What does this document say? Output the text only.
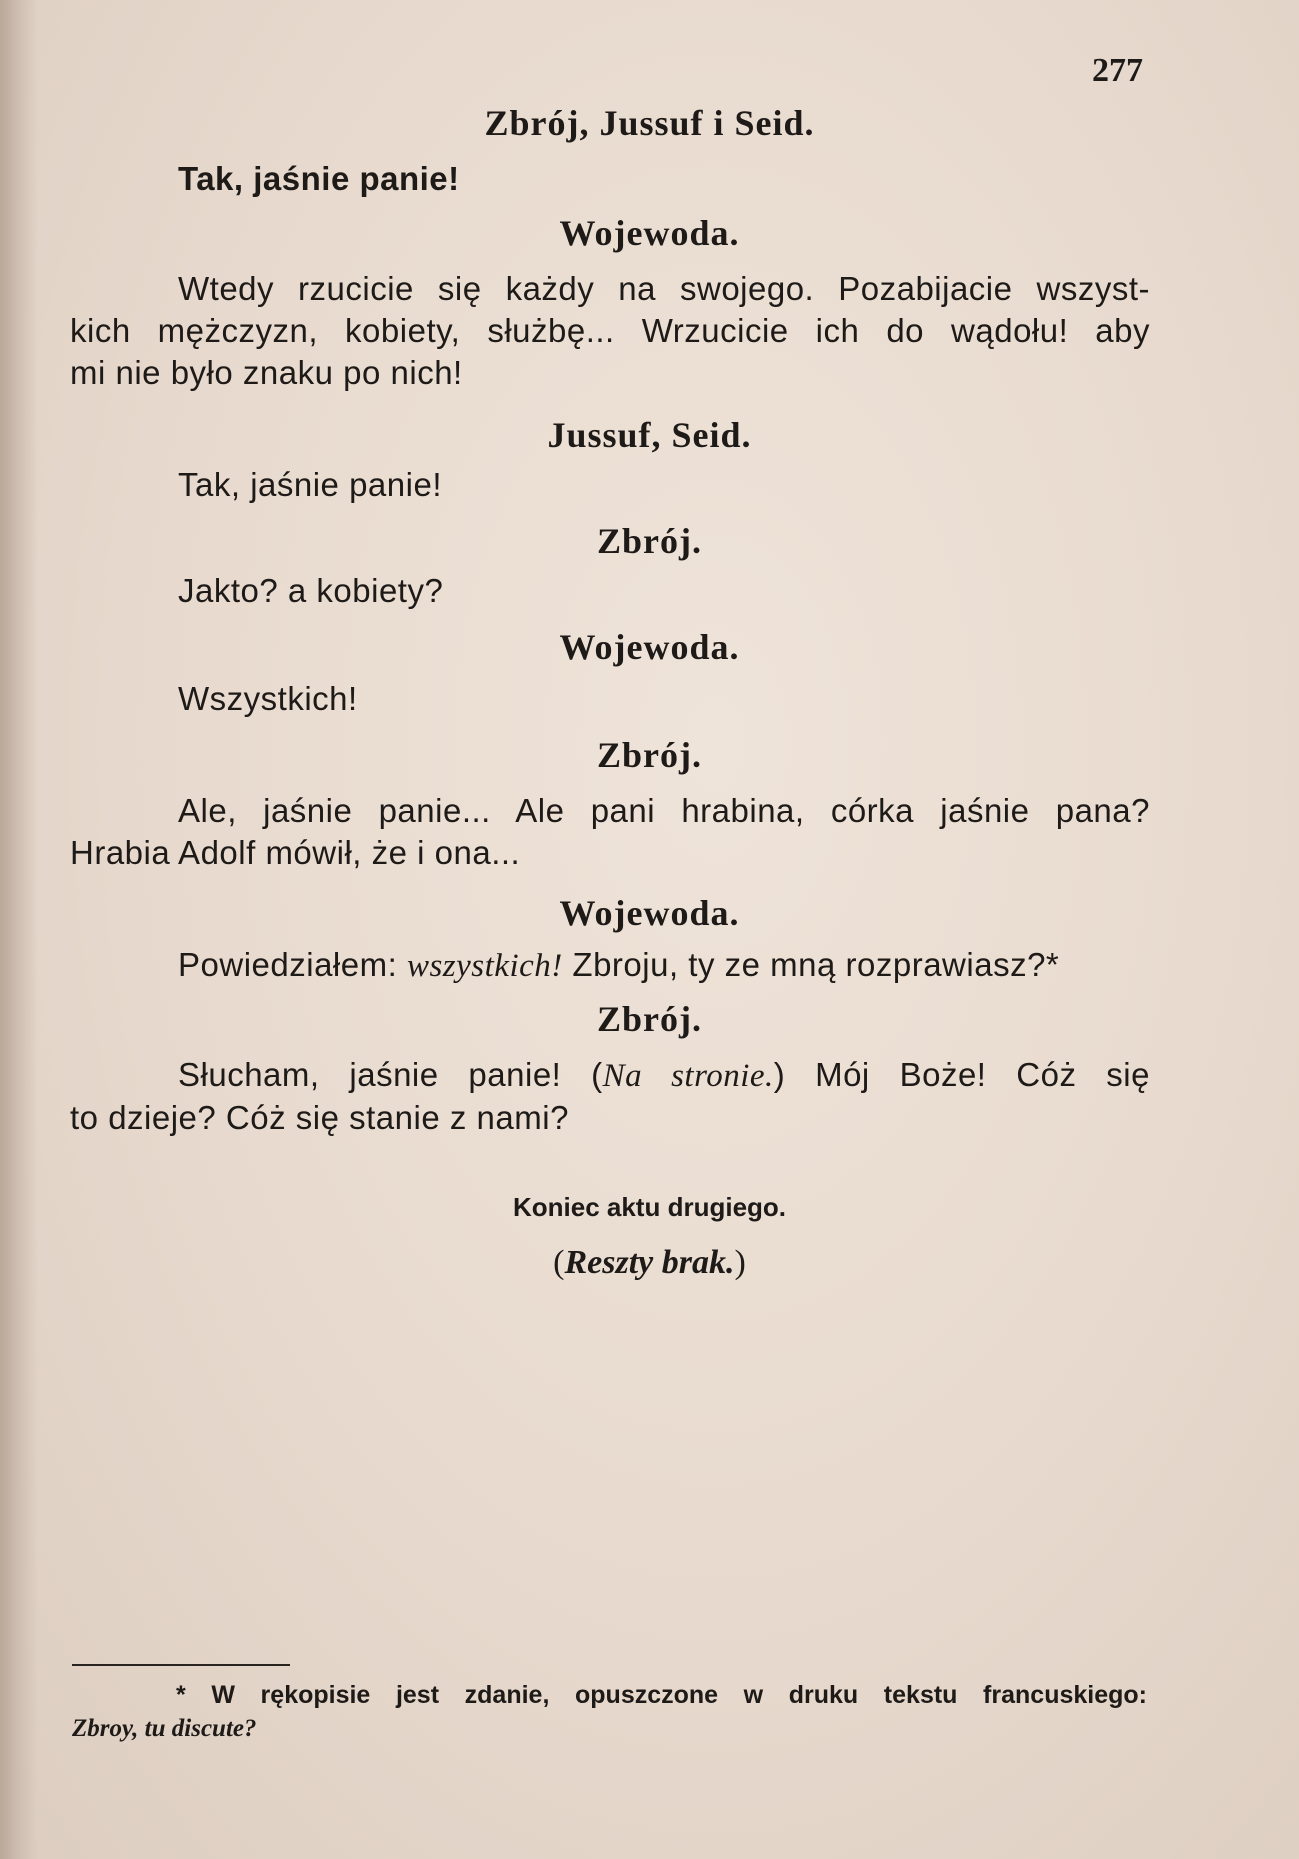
277
Zbrój, Jussuf i Seid.
Tak, jaśnie panie!
Wojewoda.
Wtedy rzucicie się każdy na swojego. Pozabijacie wszyst-
kich mężczyzn, kobiety, służbę... Wrzucicie ich do wądołu! aby
mi nie było znaku po nich!
Jussuf, Seid.
Tak, jaśnie panie!
Zbrój.
Jakto? a kobiety?
Wojewoda.
Wszystkich!
Zbrój.
Ale, jaśnie panie... Ale pani hrabina, córka jaśnie pana?
Hrabia Adolf mówił, że i ona...
Wojewoda.
Powiedziałem: wszystkich! Zbroju, ty ze mną rozprawiasz?*
Zbrój.
Słucham, jaśnie panie! (Na stronie.) Mój Boże! Cóż się
to dzieje? Cóż się stanie z nami?
Koniec aktu drugiego.
(Reszty brak.)
* W rękopisie jest zdanie, opuszczone w druku tekstu francuskiego:
Zbroy, tu discute?
